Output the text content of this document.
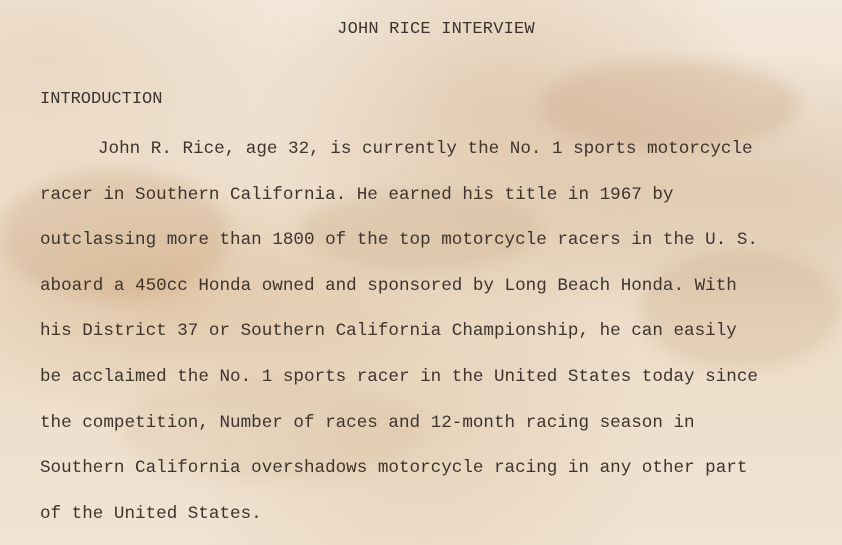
JOHN RICE INTERVIEW
INTRODUCTION
John R. Rice, age 32, is currently the No. 1 sports motorcycle
racer in Southern California. He earned his title in 1967 by
outclassing more than 1800 of the top motorcycle racers in the U. S.
aboard a 450cc Honda owned and sponsored by Long Beach Honda. With
his District 37 or Southern California Championship, he can easily
be acclaimed the No. 1 sports racer in the United States today since
the competition, Number of races and 12-month racing season in
Southern California overshadows motorcycle racing in any other part
of the United States.
